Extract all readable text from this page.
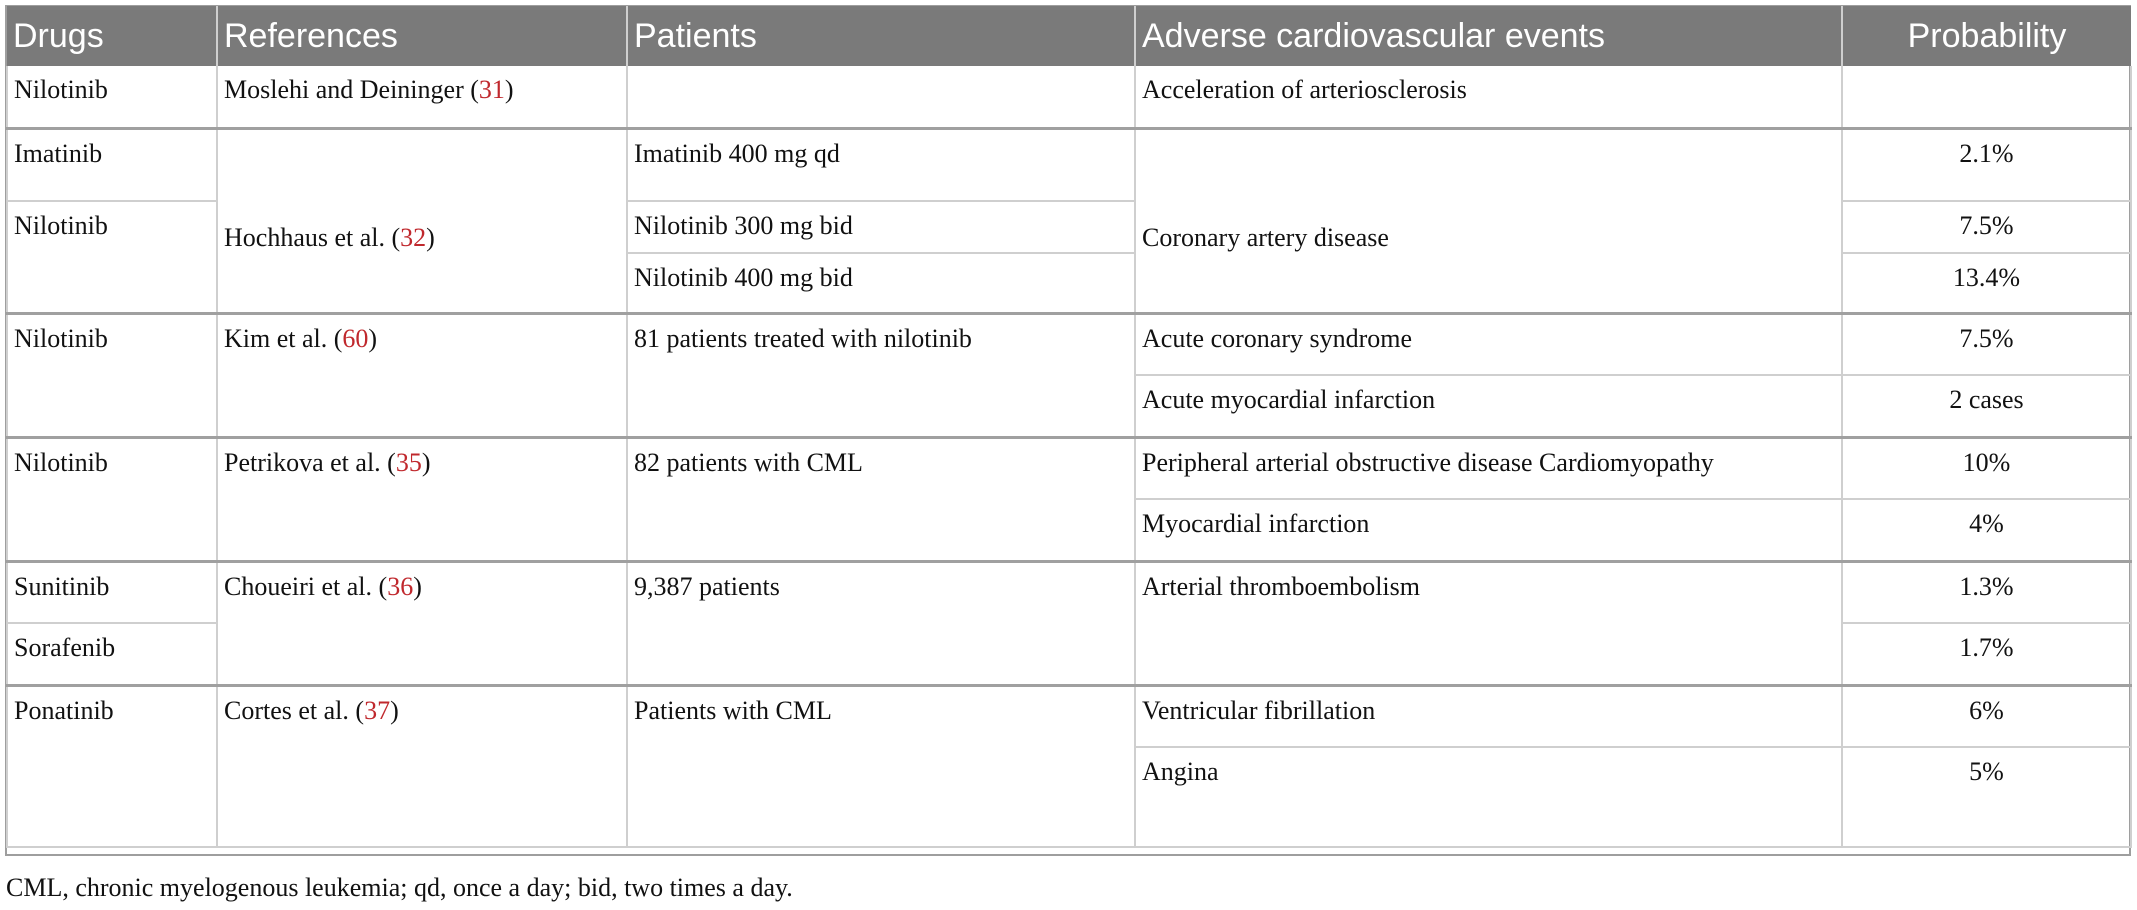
Drugs	References	Patients	Adverse cardiovascular events	Probability
Nilotinib	Moslehi and Deininger (31)		Acceleration of arteriosclerosis	
Imatinib	Hochhaus et al. (32)	Imatinib 400 mg qd	Coronary artery disease	2.1%
Nilotinib		Nilotinib 300 mg bid		7.5%
		Nilotinib 400 mg bid		13.4%
Nilotinib	Kim et al. (60)	81 patients treated with nilotinib	Acute coronary syndrome	7.5%
			Acute myocardial infarction	2 cases
Nilotinib	Petrikova et al. (35)	82 patients with CML	Peripheral arterial obstructive disease Cardiomyopathy	10%
			Myocardial infarction	4%
Sunitinib	Choueiri et al. (36)	9,387 patients	Arterial thromboembolism	1.3%
Sorafenib				1.7%
Ponatinib	Cortes et al. (37)	Patients with CML	Ventricular fibrillation	6%
			Angina	5%
CML, chronic myelogenous leukemia; qd, once a day; bid, two times a day.
